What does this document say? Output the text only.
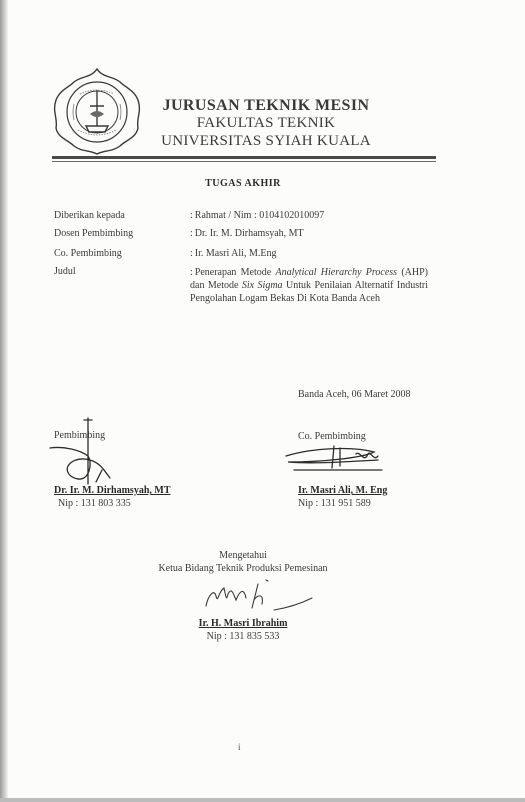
JURUSAN TEKNIK MESIN
FAKULTAS TEKNIK
UNIVERSITAS SYIAH KUALA
TUGAS AKHIR
Diberikan kepada	: Rahmat / Nim : 0104102010097
Dosen Pembimbing	: Dr. Ir. M. Dirhamsyah, MT
Co. Pembimbing	: Ir. Masri Ali, M.Eng
Judul	: Penerapan Metode Analytical Hierarchy Process (AHP) dan Metode Six Sigma Untuk Penilaian Alternatif Industri Pengolahan Logam Bekas Di Kota Banda Aceh
Banda Aceh, 06 Maret 2008
Pembimbing
Dr. Ir. M. Dirhamsyah, MT
Nip : 131 803 335
Co. Pembimbing
Ir. Masri Ali, M. Eng
Nip : 131 951 589
Mengetahui
Ketua Bidang Teknik Produksi Pemesinan
Ir. H. Masri Ibrahim
Nip : 131 835 533
i
